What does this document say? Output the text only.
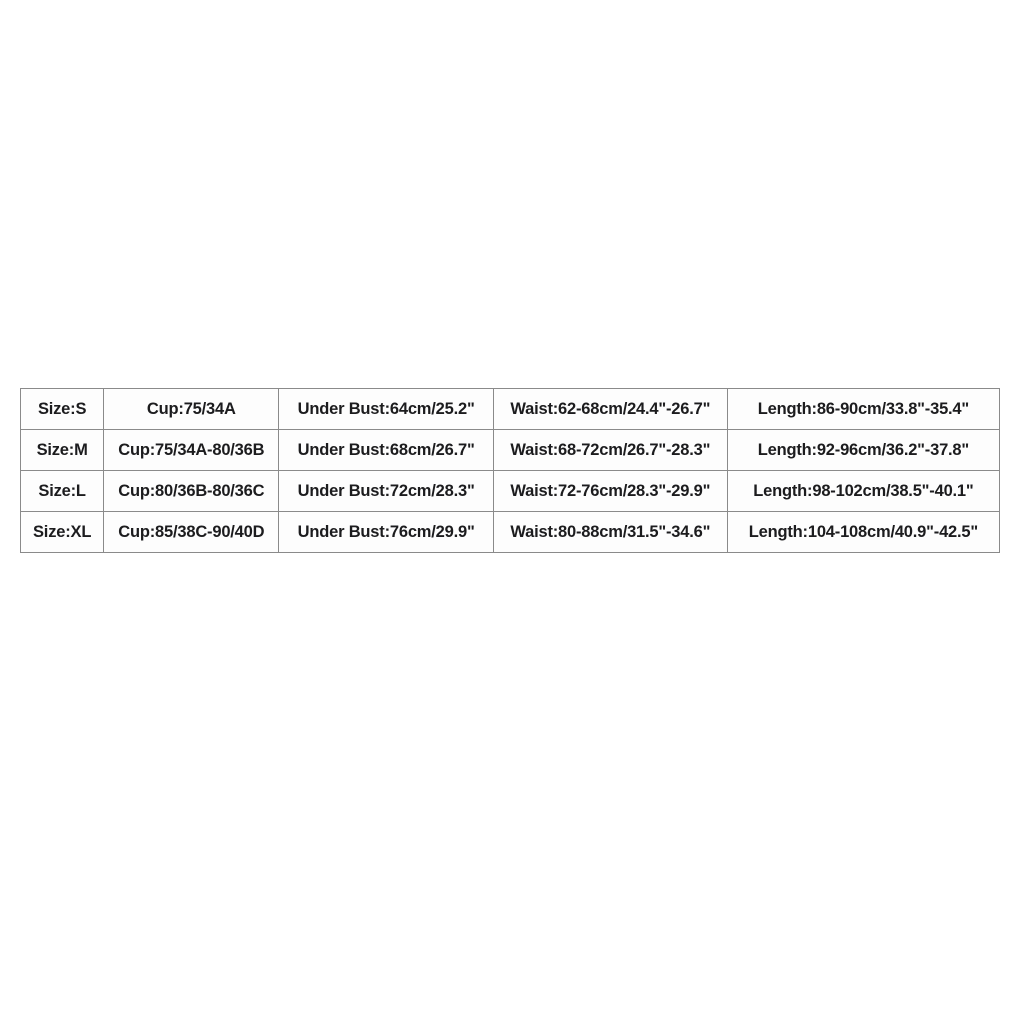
Size:S	Cup:75/34A	Under Bust:64cm/25.2"	Waist:62-68cm/24.4"-26.7"	Length:86-90cm/33.8"-35.4"
Size:M	Cup:75/34A-80/36B	Under Bust:68cm/26.7"	Waist:68-72cm/26.7"-28.3"	Length:92-96cm/36.2"-37.8"
Size:L	Cup:80/36B-80/36C	Under Bust:72cm/28.3"	Waist:72-76cm/28.3"-29.9"	Length:98-102cm/38.5"-40.1"
Size:XL	Cup:85/38C-90/40D	Under Bust:76cm/29.9"	Waist:80-88cm/31.5"-34.6"	Length:104-108cm/40.9"-42.5"
